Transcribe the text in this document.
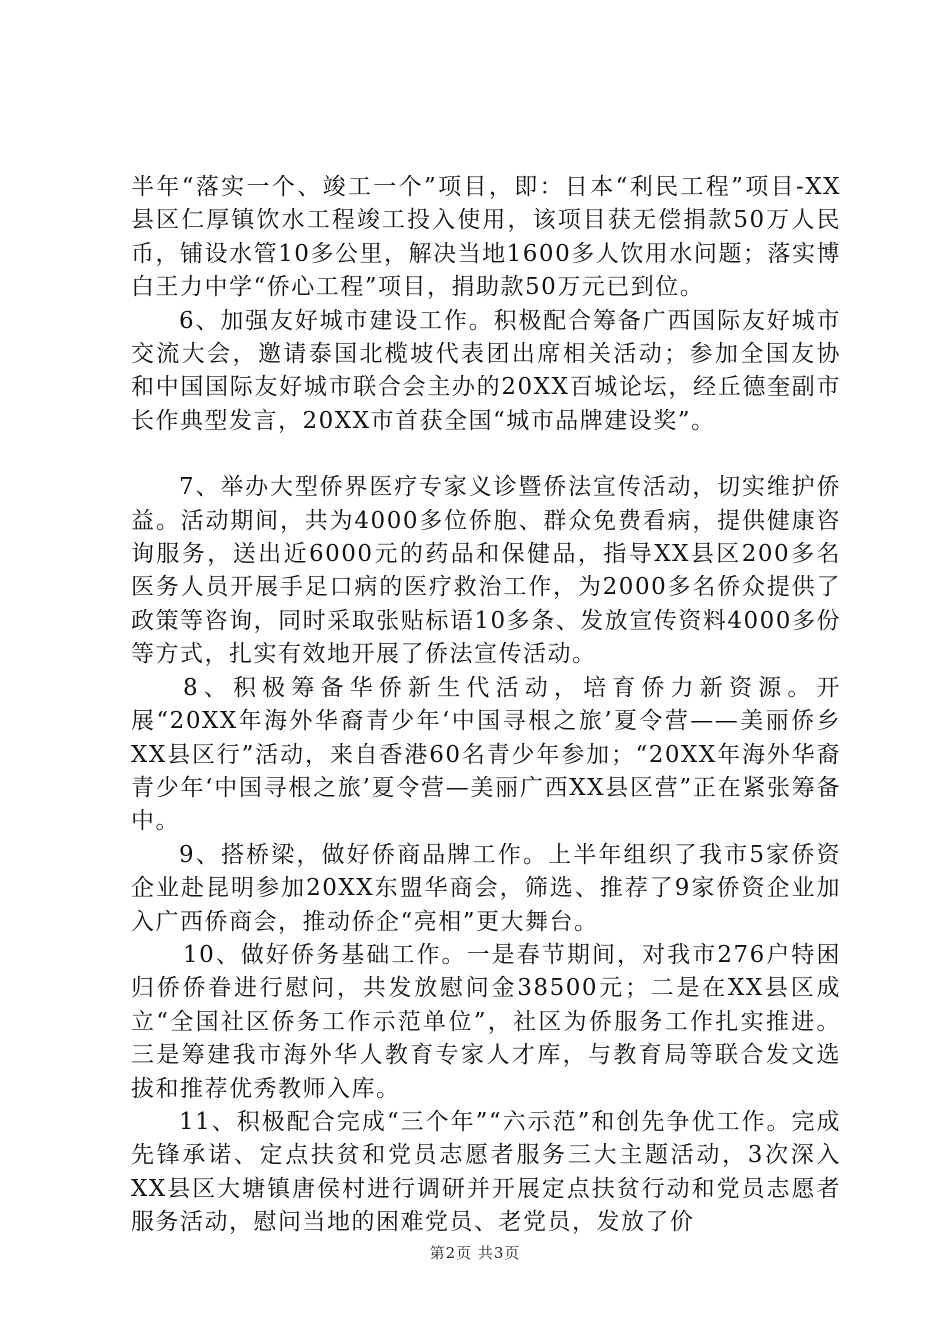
半年“落实一个、竣工一个”项目，即：日本“利民工程”项目-XX县区仁厚镇饮水工程竣工投入使用，该项目获无偿捐款50万人民币，铺设水管10多公里，解决当地1600多人饮用水问题；落实博白王力中学“侨心工程”项目，捐助款50万元已到位。

6、加强友好城市建设工作。积极配合筹备广西国际友好城市交流大会，邀请泰国北榄坡代表团出席相关活动；参加全国友协和中国国际友好城市联合会主办的20XX百城论坛，经丘德奎副市长作典型发言，20XX市首获全国“城市品牌建设奖”。

7、举办大型侨界医疗专家义诊暨侨法宣传活动，切实维护侨益。活动期间，共为4000多位侨胞、群众免费看病，提供健康咨询服务，送出近6000元的药品和保健品，指导XX县区200多名医务人员开展手足口病的医疗救治工作，为2000多名侨众提供了政策等咨询，同时采取张贴标语10多条、发放宣传资料4000多份等方式，扎实有效地开展了侨法宣传活动。

8、积极筹备华侨新生代活动，培育侨力新资源。开展“20XX年海外华裔青少年‘中国寻根之旅’夏令营——美丽侨乡XX县区行”活动，来自香港60名青少年参加；“20XX年海外华裔青少年‘中国寻根之旅’夏令营—美丽广西XX县区营”正在紧张筹备中。

9、搭桥梁，做好侨商品牌工作。上半年组织了我市5家侨资企业赴昆明参加20XX东盟华商会，筛选、推荐了9家侨资企业加入广西侨商会，推动侨企“亮相”更大舞台。

10、做好侨务基础工作。一是春节期间，对我市276户特困归侨侨眷进行慰问，共发放慰问金38500元；二是在XX县区成立“全国社区侨务工作示范单位”，社区为侨服务工作扎实推进。三是筹建我市海外华人教育专家人才库，与教育局等联合发文选拔和推荐优秀教师入库。

11、积极配合完成“三个年”“六示范”和创先争优工作。完成先锋承诺、定点扶贫和党员志愿者服务三大主题活动，3次深入XX县区大塘镇唐侯村进行调研并开展定点扶贫行动和党员志愿者服务活动，慰问当地的困难党员、老党员，发放了价

第2页 共3页
